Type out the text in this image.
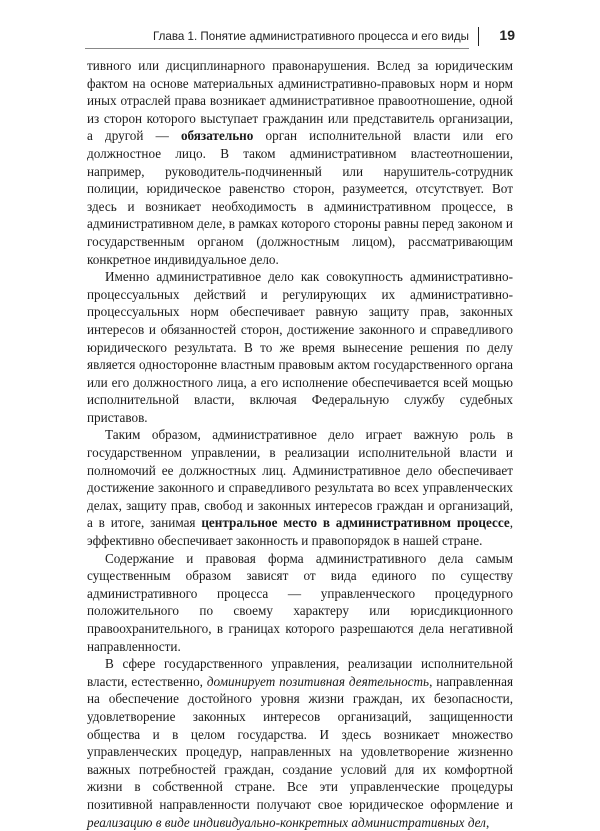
Глава 1. Понятие административного процесса и его виды 19

тивного или дисциплинарного правонарушения. Вслед за юридическим фактом на основе материальных административно-правовых норм и норм иных отраслей права возникает административное правоотношение, одной из сторон которого выступает гражданин или представитель организации, а другой — обязательно орган исполнительной власти или его должностное лицо. В таком административном властеотношении, например, руководитель-подчиненный или нарушитель-сотрудник полиции, юридическое равенство сторон, разумеется, отсутствует. Вот здесь и возникает необходимость в административном процессе, в административном деле, в рамках которого стороны равны перед законом и государственным органом (должностным лицом), рассматривающим конкретное индивидуальное дело.

Именно административное дело как совокупность административно-процессуальных действий и регулирующих их административно-процессуальных норм обеспечивает равную защиту прав, законных интересов и обязанностей сторон, достижение законного и справедливого юридического результата. В то же время вынесение решения по делу является односторонне властным правовым актом государственного органа или его должностного лица, а его исполнение обеспечивается всей мощью исполнительной власти, включая Федеральную службу судебных приставов.

Таким образом, административное дело играет важную роль в государственном управлении, в реализации исполнительной власти и полномочий ее должностных лиц. Административное дело обеспечивает достижение законного и справедливого результата во всех управленческих делах, защиту прав, свобод и законных интересов граждан и организаций, а в итоге, занимая центральное место в административном процессе, эффективно обеспечивает законность и правопорядок в нашей стране.

Содержание и правовая форма административного дела самым существенным образом зависят от вида единого по существу административного процесса — управленческого процедурного положительного по своему характеру или юрисдикционного правоохранительного, в границах которого разрешаются дела негативной направленности.

В сфере государственного управления, реализации исполнительной власти, естественно, доминирует позитивная деятельность, направленная на обеспечение достойного уровня жизни граждан, их безопасности, удовлетворение законных интересов организаций, защищенности общества и в целом государства. И здесь возникает множество управленческих процедур, направленных на удовлетворение жизненно важных потребностей граждан, создание условий для их комфортной жизни в собственной стране. Все эти управленческие процедуры позитивной направленности получают свое юридическое оформление и реализацию в виде индивидуально-конкретных административных дел,
